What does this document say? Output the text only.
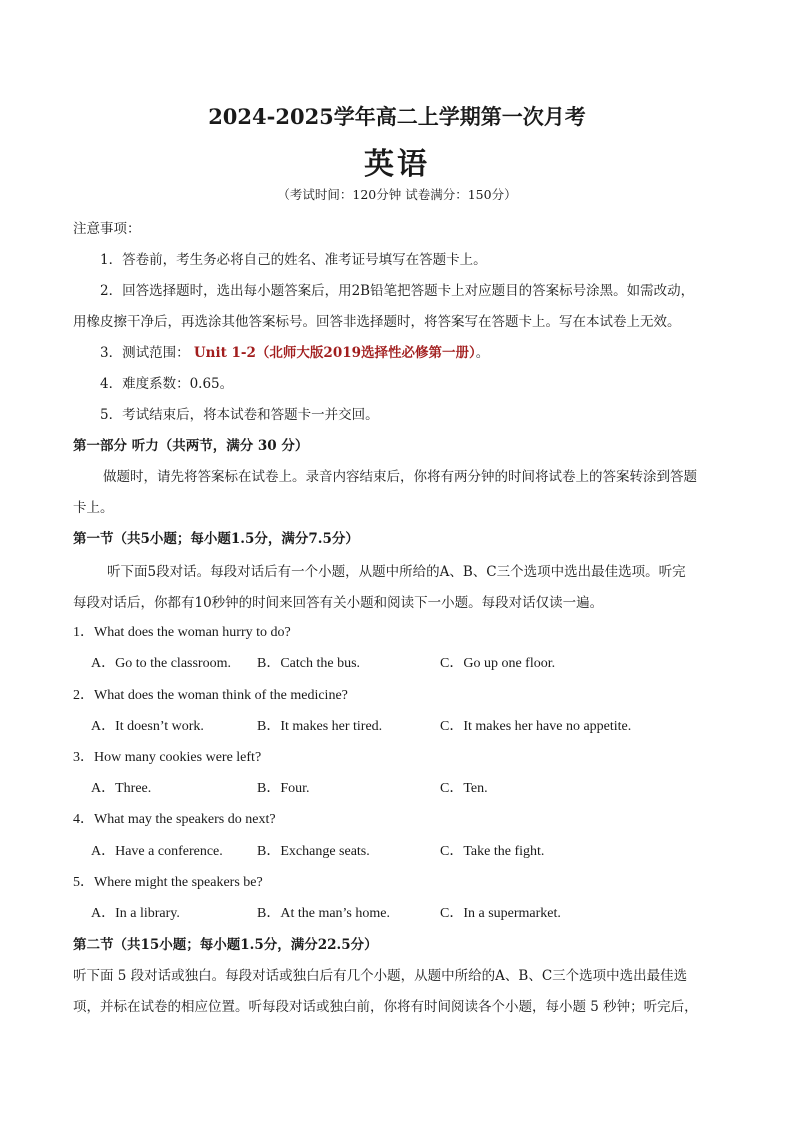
2024-2025学年高二上学期第一次月考
英语
（考试时间：120分钟 试卷满分：150分）
注意事项：
1．答卷前，考生务必将自己的姓名、准考证号填写在答题卡上。
2．回答选择题时，选出每小题答案后，用2B铅笔把答题卡上对应题目的答案标号涂黑。如需改动，
用橡皮擦干净后，再选涂其他答案标号。回答非选择题时，将答案写在答题卡上。写在本试卷上无效。
3．测试范围： Unit 1-2（北师大版2019选择性必修第一册）。
4．难度系数：0.65。
5．考试结束后，将本试卷和答题卡一并交回。
第一部分 听力（共两节，满分 30 分）
做题时，请先将答案标在试卷上。录音内容结束后，你将有两分钟的时间将试卷上的答案转涂到答题
卡上。
第一节（共5小题；每小题1.5分，满分7.5分）
听下面5段对话。每段对话后有一个小题，从题中所给的A、B、C三个选项中选出最佳选项。听完
每段对话后，你都有10秒钟的时间来回答有关小题和阅读下一小题。每段对话仅读一遍。
1．What does the woman hurry to do?
A．Go to the classroom. B．Catch the bus.	C．Go up one floor.
2．What does the woman think of the medicine?
A．It doesn’t work.	B．It makes her tired.	C．It makes her have no appetite.
3．How many cookies were left?
A．Three.	B．Four.	C．Ten.
4．What may the speakers do next?
A．Have a conference. B．Exchange seats.	C．Take the fight.
5．Where might the speakers be?
A．In a library.	B．At the man’s home.	C．In a supermarket.
第二节（共15小题；每小题1.5分，满分22.5分）
听下面 5 段对话或独白。每段对话或独白后有几个小题，从题中所给的A、B、C三个选项中选出最佳选
项，并标在试卷的相应位置。听每段对话或独白前，你将有时间阅读各个小题，每小题 5 秒钟；听完后，
